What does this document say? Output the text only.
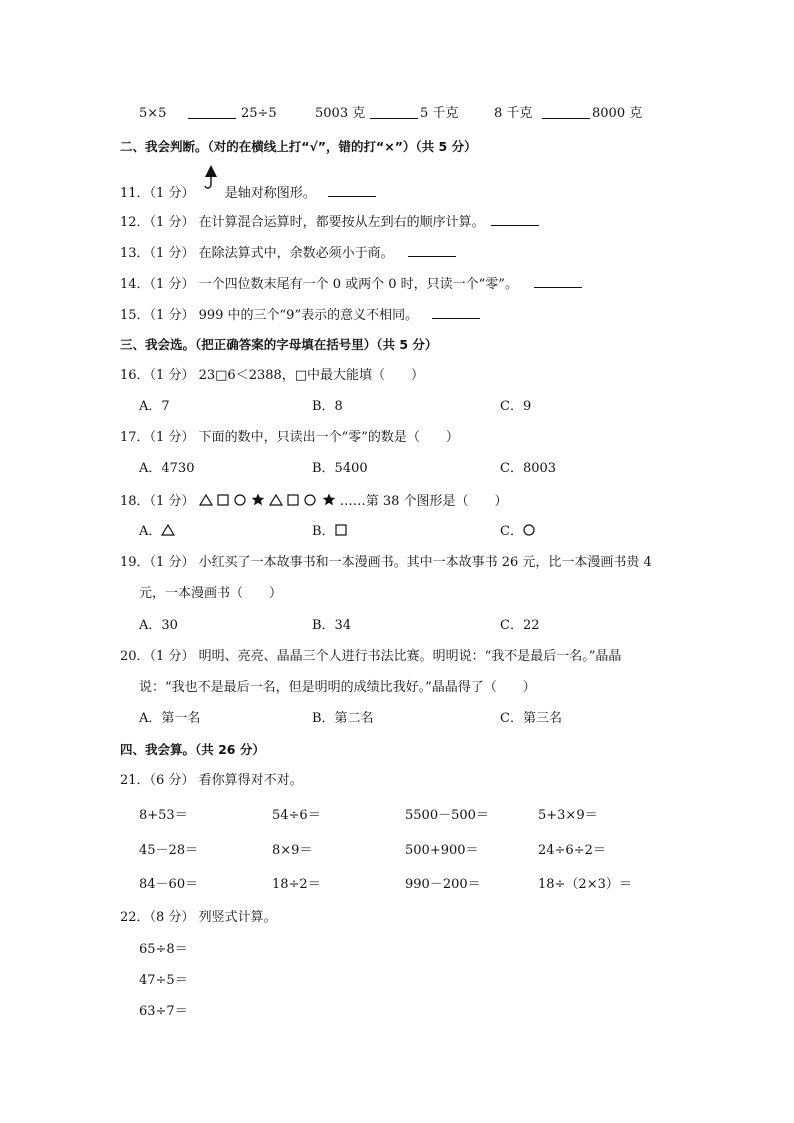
5×5	25÷5	5003 克	5 千克	8 千克	8000 克
二、我会判断。（对的在横线上打“√”，错的打“×”）（共 5 分）
11．（1 分） 是轴对称图形。
12．（1 分） 在计算混合运算时，都要按从左到右的顺序计算。
13．（1 分） 在除法算式中，余数必须小于商。
14．（1 分） 一个四位数末尾有一个 0 或两个 0 时，只读一个“零”。
15．（1 分） 999 中的三个“9”表示的意义不相同。
三、我会选。（把正确答案的字母填在括号里）（共 5 分）
16．（1 分） 23□6＜2388，□中最大能填（　　）
A．7	B．8	C．9
17．（1 分） 下面的数中，只读出一个“零”的数是（　　）
A．4730	B．5400	C．8003
18．（1 分）	……第 38 个图形是（　　）
A．	B．	C．
19．（1 分） 小红买了一本故事书和一本漫画书。其中一本故事书 26 元，比一本漫画书贵 4
元，一本漫画书（　　）
A．30	B．34	C．22
20．（1 分） 明明、亮亮、晶晶三个人进行书法比赛。明明说：“我不是最后一名。”晶晶
说：“我也不是最后一名，但是明明的成绩比我好。”晶晶得了（　　）
A．第一名	B．第二名	C．第三名
四、我会算。（共 26 分）
21．（6 分） 看你算得对不对。
8+53＝	54÷6＝	5500－500＝	5+3×9＝
45－28＝	8×9＝	500+900＝	24÷6÷2＝
84－60＝	18÷2＝	990－200＝	18÷（2×3）＝
22．（8 分） 列竖式计算。
65÷8＝
47÷5＝
63÷7＝
